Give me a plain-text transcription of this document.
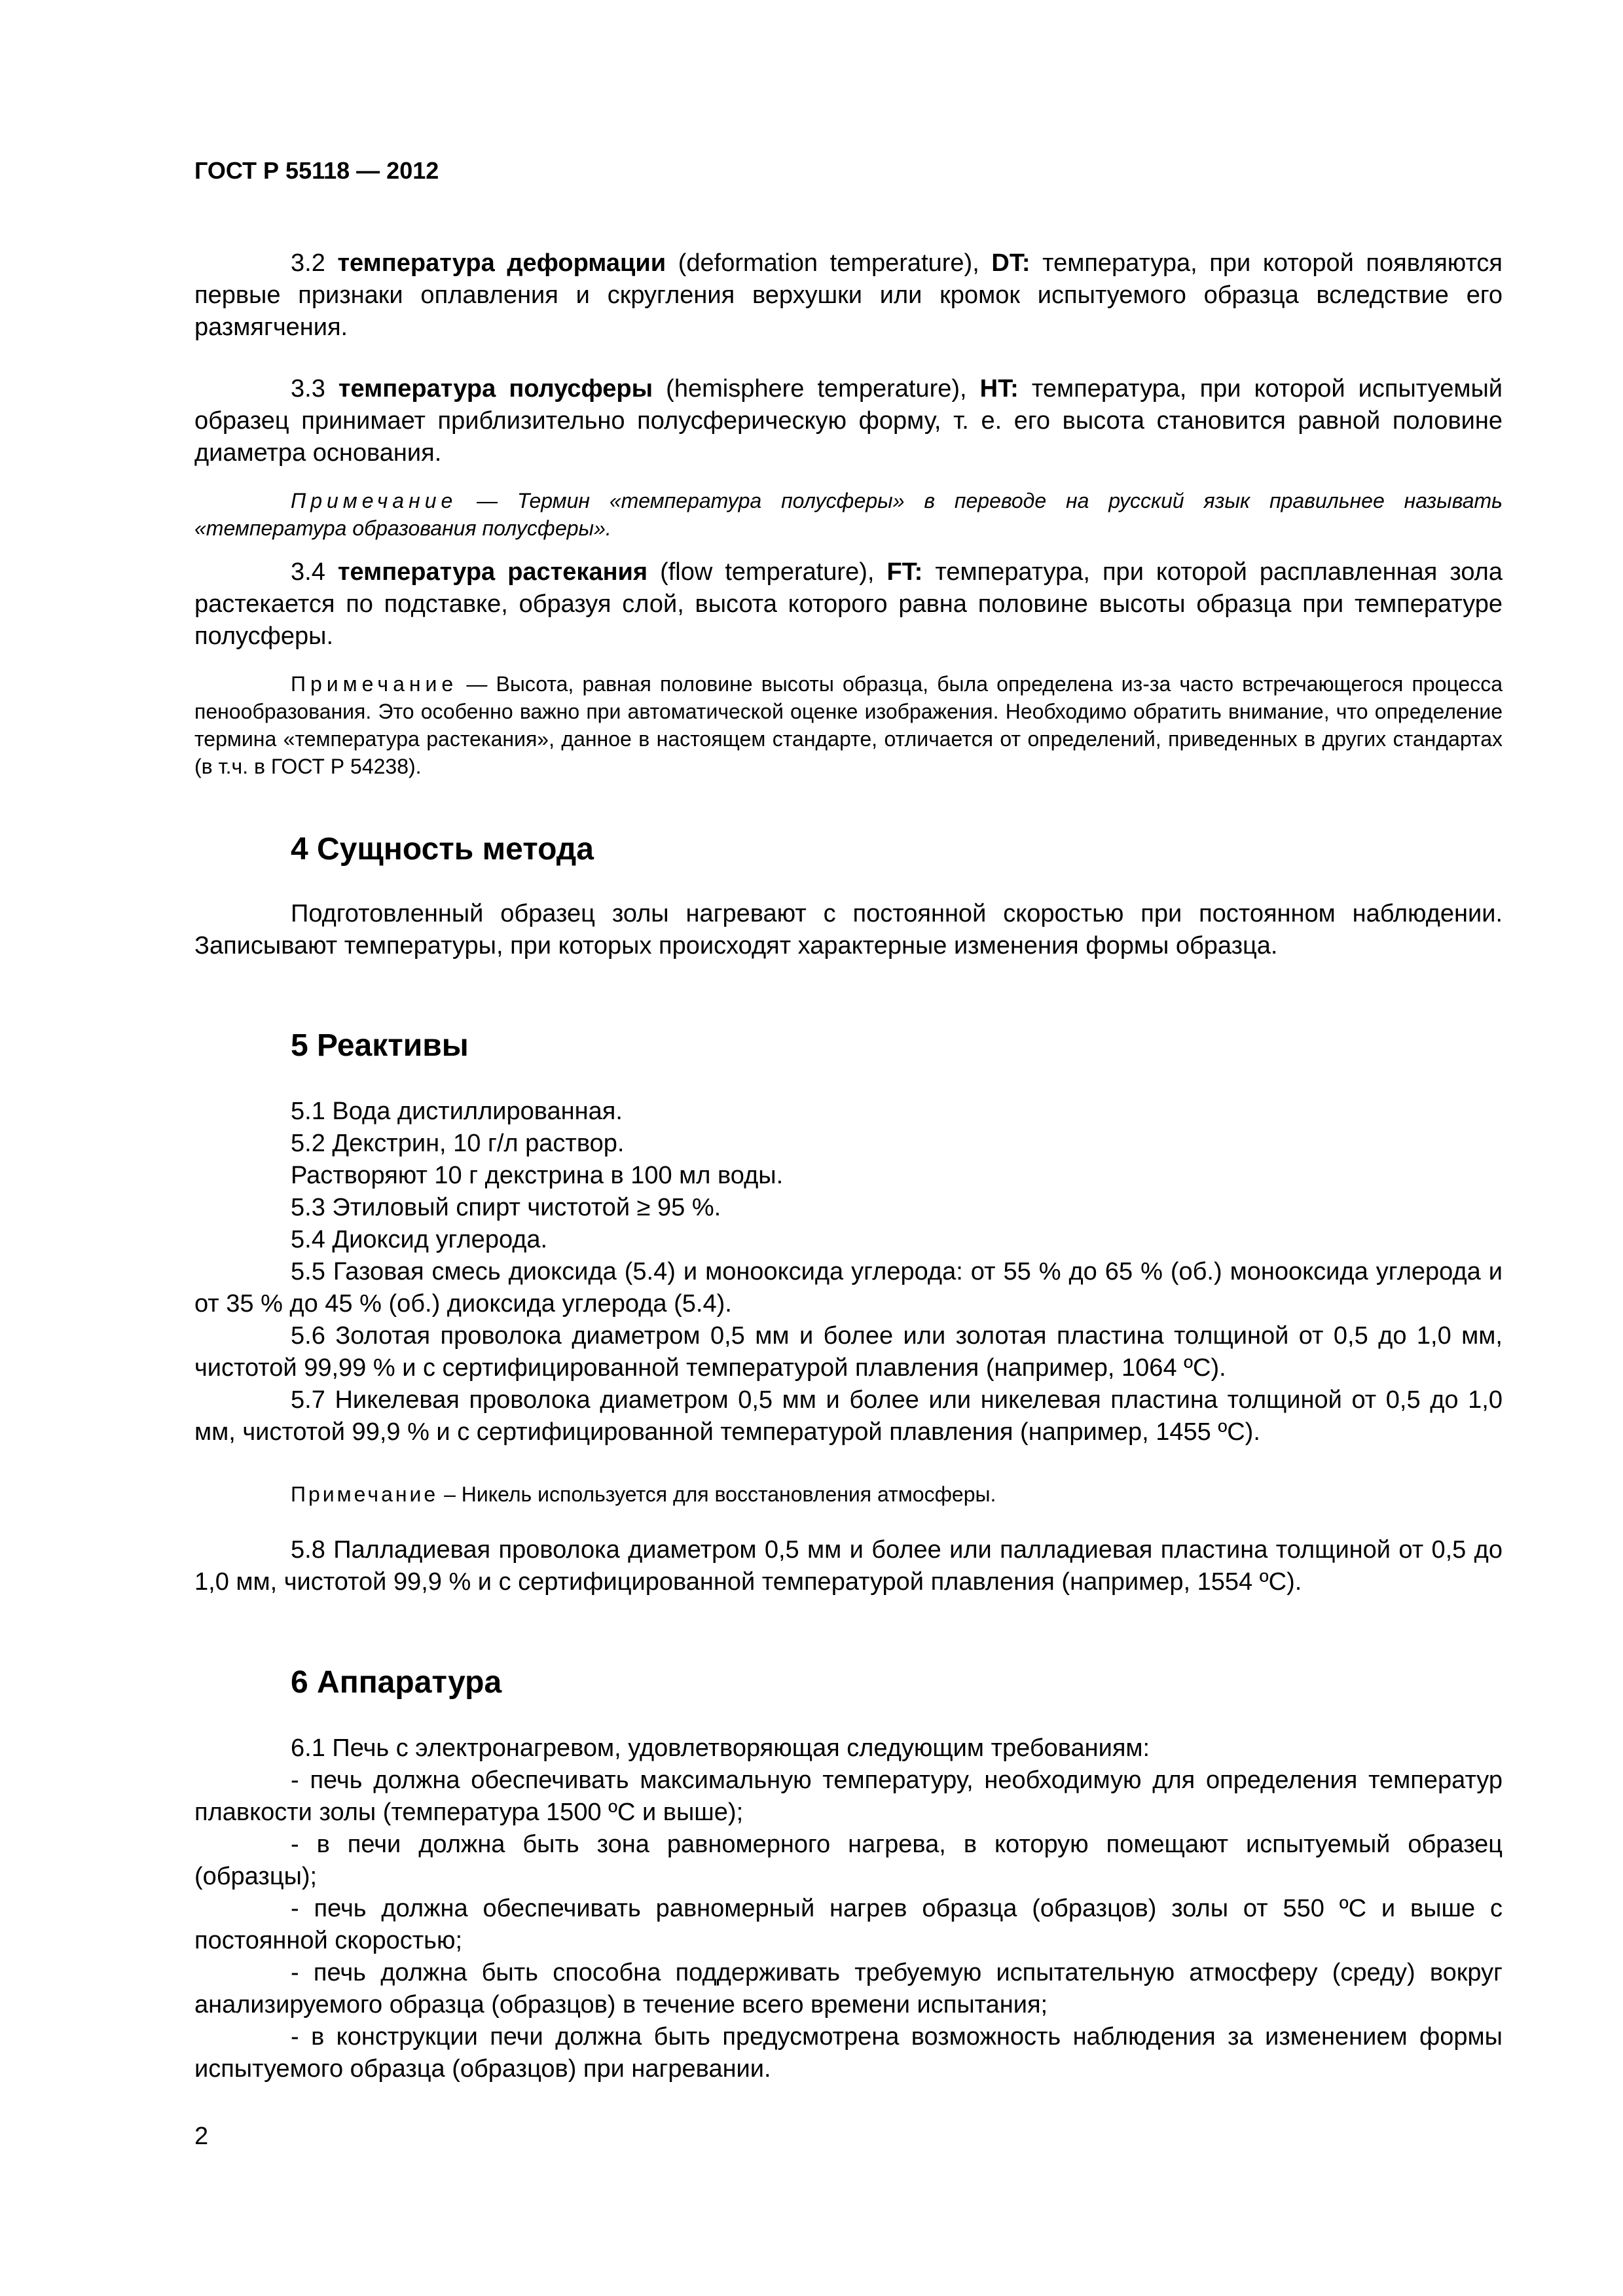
ГОСТ Р 55118 — 2012

3.2 температура деформации (deformation temperature), DT: температура, при которой появляются первые признаки оплавления и скругления верхушки или кромок испытуемого образца вследствие его размягчения.

3.3 температура полусферы (hemisphere temperature), HT: температура, при которой испытуемый образец принимает приблизительно полусферическую форму, т. е. его высота становится равной половине диаметра основания.

Примечание — Термин «температура полусферы» в переводе на русский язык правильнее называть «температура образования полусферы».

3.4 температура растекания (flow temperature), FT: температура, при которой расплавленная зола растекается по подставке, образуя слой, высота которого равна половине высоты образца при температуре полусферы.

Примечание — Высота, равная половине высоты образца, была определена из-за часто встречающегося процесса пенообразования. Это особенно важно при автоматической оценке изображения. Необходимо обратить внимание, что определение термина «температура растекания», данное в настоящем стандарте, отличается от определений, приведенных в других стандартах (в т.ч. в ГОСТ Р 54238).

4 Сущность метода

Подготовленный образец золы нагревают с постоянной скоростью при постоянном наблюдении. Записывают температуры, при которых происходят характерные изменения формы образца.

5 Реактивы

5.1 Вода дистиллированная.

5.2 Декстрин, 10 г/л раствор.

Растворяют 10 г декстрина в 100 мл воды.

5.3 Этиловый спирт чистотой ≥ 95 %.

5.4 Диоксид углерода.

5.5 Газовая смесь диоксида (5.4) и монооксида углерода: от 55 % до 65 % (об.) монооксида углерода и от 35 % до 45 % (об.) диоксида углерода (5.4).

5.6 Золотая проволока диаметром 0,5 мм и более или золотая пластина толщиной от 0,5 до 1,0 мм, чистотой 99,99 % и с сертифицированной температурой плавления (например, 1064 ºС).

5.7 Никелевая проволока диаметром 0,5 мм и более или никелевая пластина толщиной от 0,5 до 1,0 мм, чистотой 99,9 % и с сертифицированной температурой плавления (например, 1455 ºС).

Примечание – Никель используется для восстановления атмосферы.

5.8 Палладиевая проволока диаметром 0,5 мм и более или палладиевая пластина толщиной от 0,5 до 1,0 мм, чистотой 99,9 % и с сертифицированной температурой плавления (например, 1554 ºС).

6 Аппаратура

6.1 Печь с электронагревом, удовлетворяющая следующим требованиям:

- печь должна обеспечивать максимальную температуру, необходимую для определения температур плавкости золы (температура 1500 ºС и выше);

- в печи должна быть зона равномерного нагрева, в которую помещают испытуемый образец (образцы);

- печь должна обеспечивать равномерный нагрев образца (образцов) золы от 550 ºС и выше с постоянной скоростью;

- печь должна быть способна поддерживать требуемую испытательную атмосферу (среду) вокруг анализируемого образца (образцов) в течение всего времени испытания;

- в конструкции печи должна быть предусмотрена возможность наблюдения за изменением формы испытуемого образца (образцов) при нагревании.

2
